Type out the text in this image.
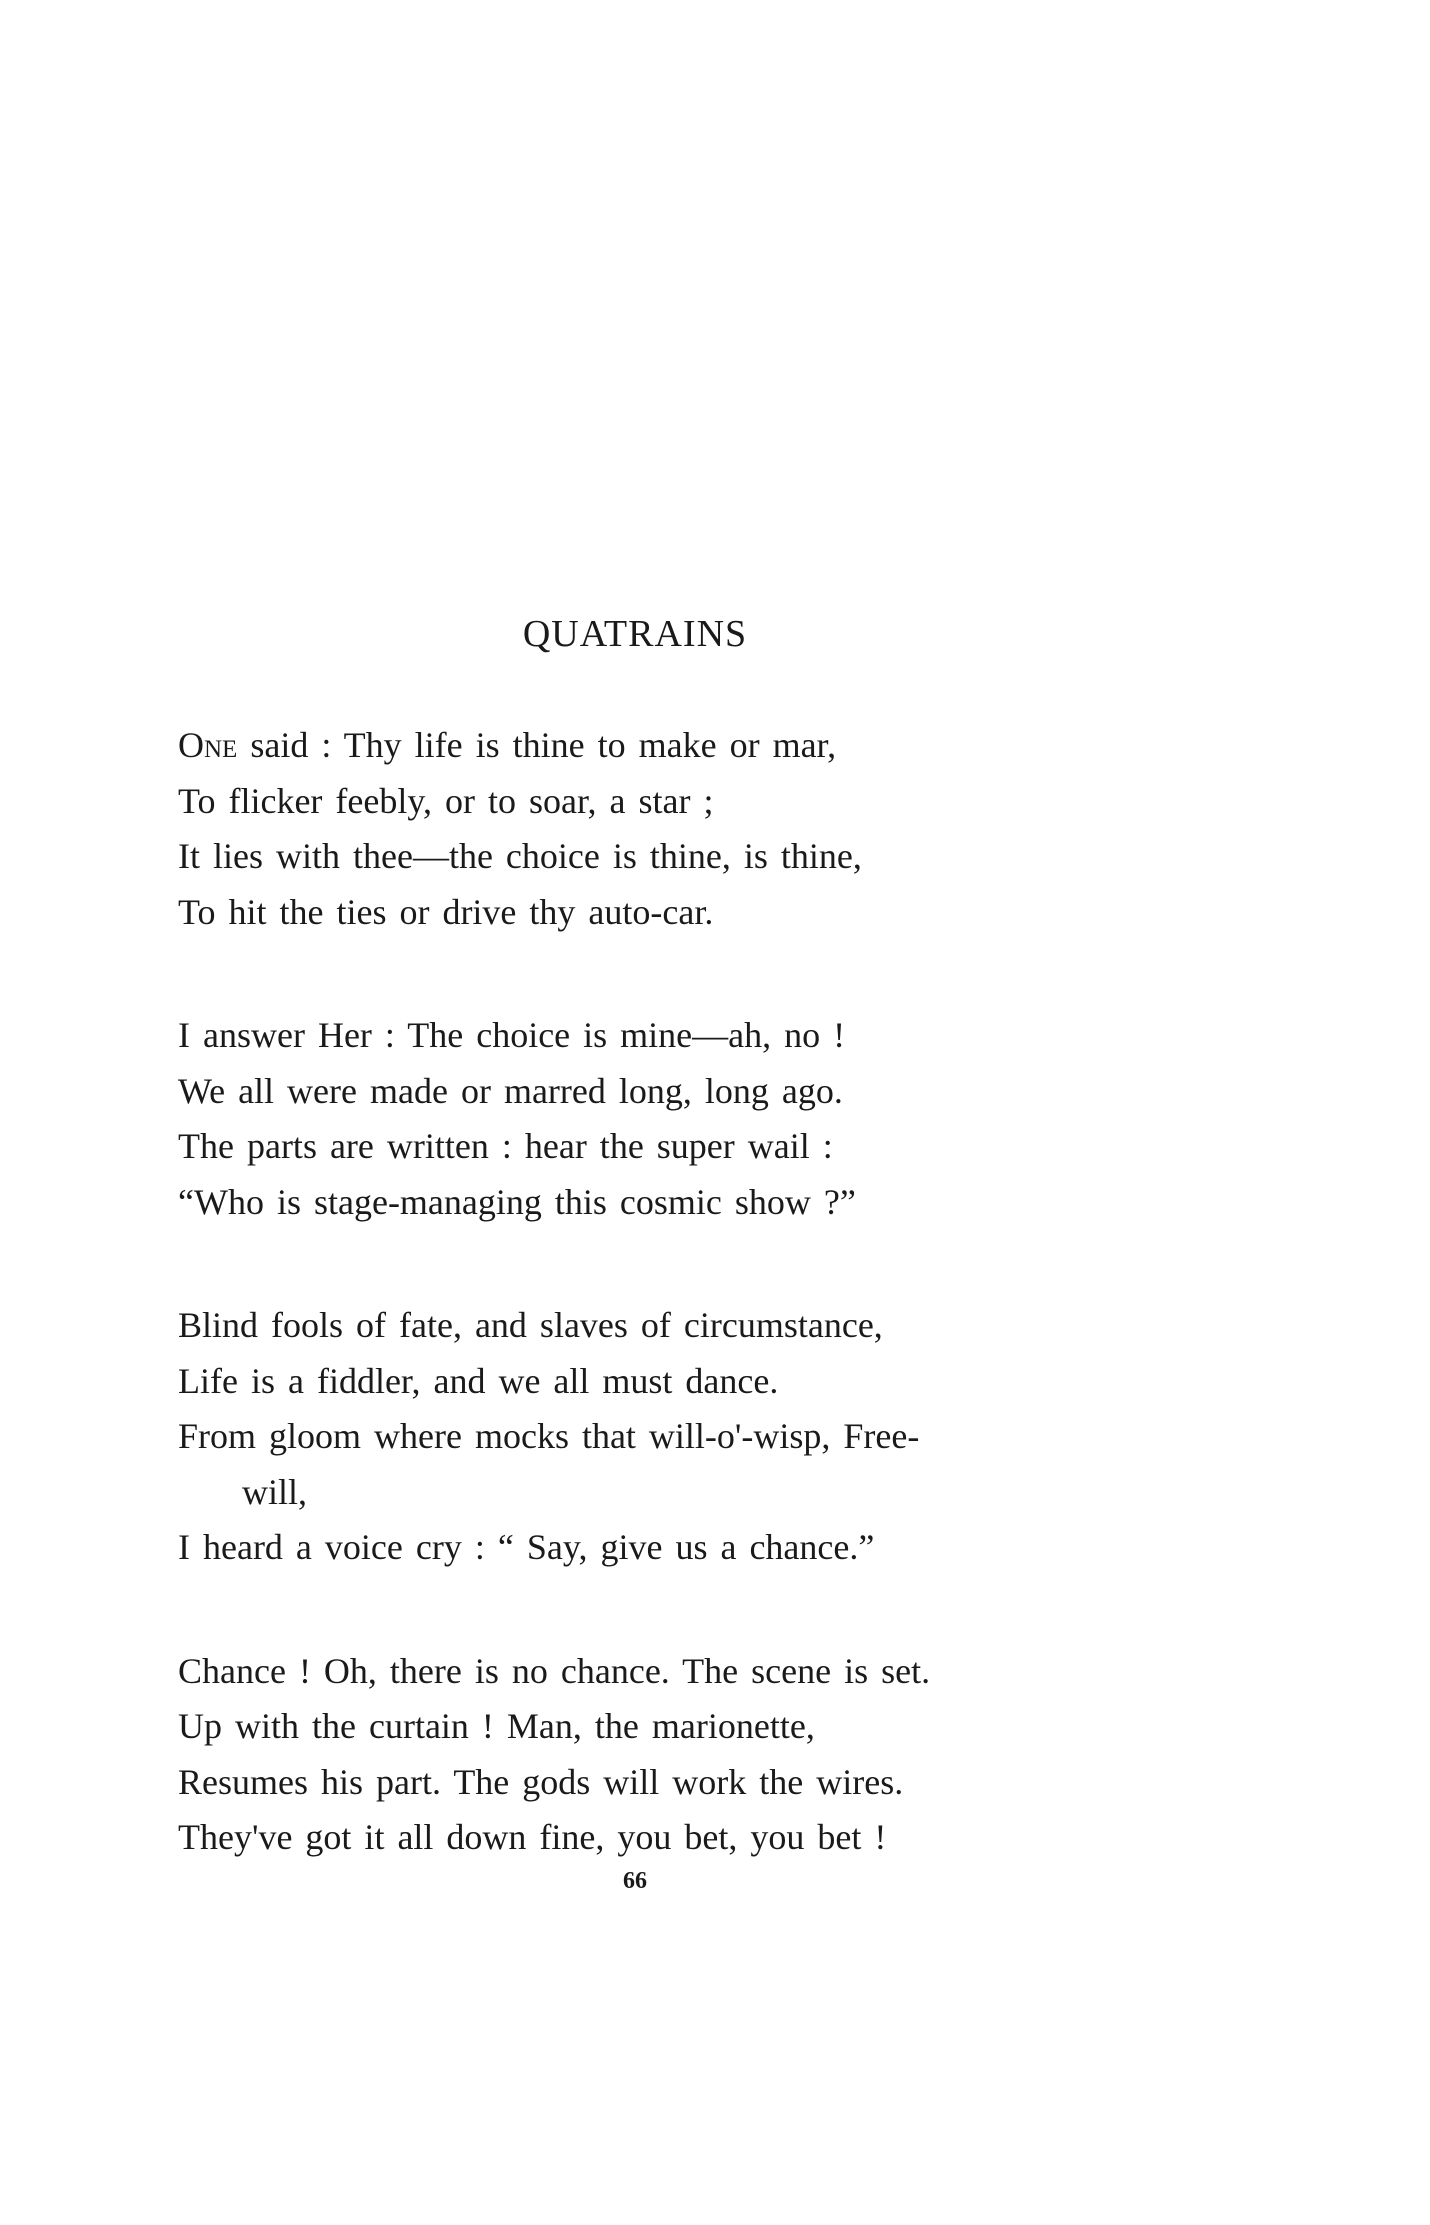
QUATRAINS
One said : Thy life is thine to make or mar,
To flicker feebly, or to soar, a star ;
It lies with thee—the choice is thine, is thine,
To hit the ties or drive thy auto-car.
I answer Her : The choice is mine—ah, no !
We all were made or marred long, long ago.
The parts are written : hear the super wail :
“Who is stage-managing this cosmic show ?”
Blind fools of fate, and slaves of circumstance,
Life is a fiddler, and we all must dance.
From gloom where mocks that will-o'-wisp, Free-
will,
I heard a voice cry : “ Say, give us a chance.”
Chance ! Oh, there is no chance. The scene is set.
Up with the curtain ! Man, the marionette,
Resumes his part. The gods will work the wires.
They've got it all down fine, you bet, you bet !
66
